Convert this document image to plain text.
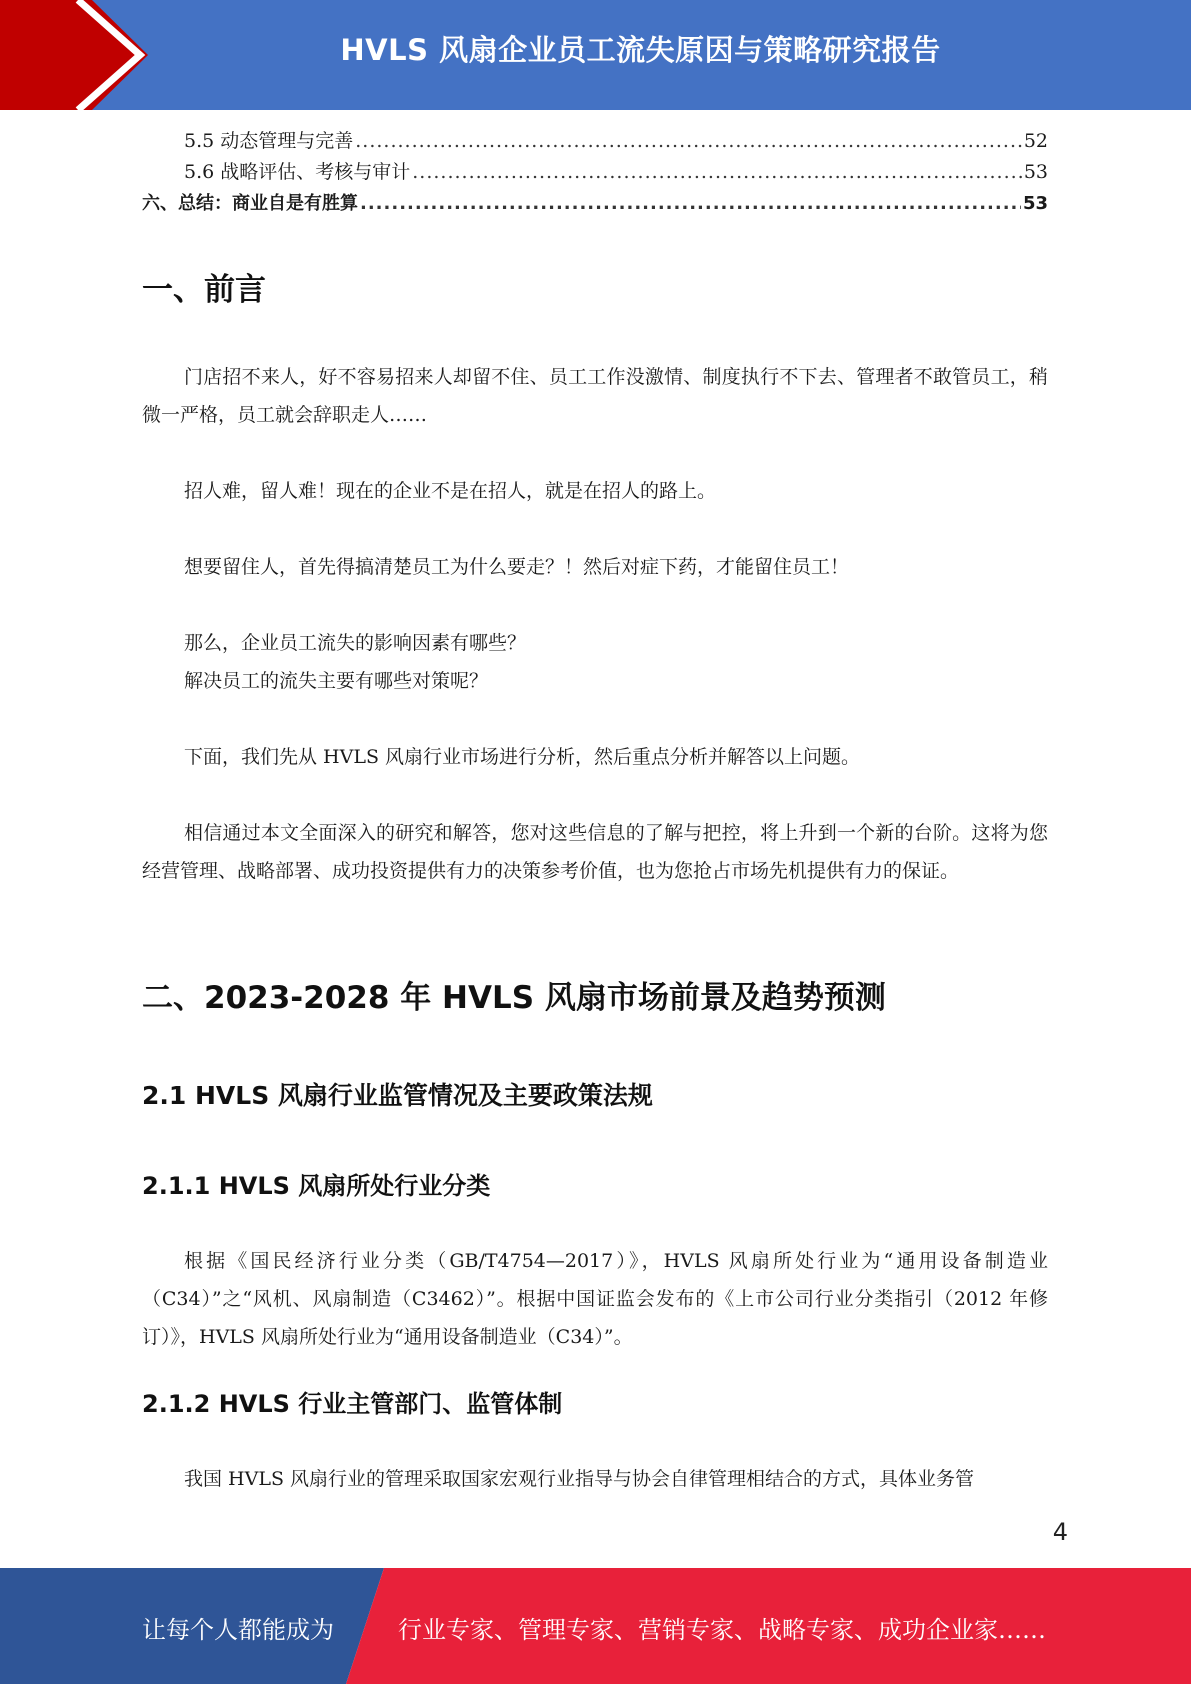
HVLS 风扇企业员工流失原因与策略研究报告
5.5 动态管理与完善 .....	52
5.6 战略评估、考核与审计 .....	53
六、总结：商业自是有胜算 .....	53
一、前言

门店招不来人，好不容易招来人却留不住、员工工作没激情、制度执行不下去、管理者不敢管员工，稍微一严格，员工就会辞职走人……

招人难，留人难！现在的企业不是在招人，就是在招人的路上。

想要留住人，首先得搞清楚员工为什么要走？！然后对症下药，才能留住员工！

那么，企业员工流失的影响因素有哪些？

解决员工的流失主要有哪些对策呢？

下面，我们先从 HVLS 风扇行业市场进行分析，然后重点分析并解答以上问题。

相信通过本文全面深入的研究和解答，您对这些信息的了解与把控，将上升到一个新的台阶。这将为您经营管理、战略部署、成功投资提供有力的决策参考价值，也为您抢占市场先机提供有力的保证。

二、2023-2028 年 HVLS 风扇市场前景及趋势预测
2.1 HVLS 风扇行业监管情况及主要政策法规
2.1.1 HVLS 风扇所处行业分类

根据《国民经济行业分类（GB/T4754—2017）》，HVLS 风扇所处行业为“通用设备制造业（C34）”之“风机、风扇制造（C3462）”。根据中国证监会发布的《上市公司行业分类指引（2012 年修订）》，HVLS 风扇所处行业为“通用设备制造业（C34）”。

2.1.2 HVLS 行业主管部门、监管体制

我国 HVLS 风扇行业的管理采取国家宏观行业指导与协会自律管理相结合的方式，具体业务管

4
让每个人都能成为	行业专家、管理专家、营销专家、战略专家、成功企业家……
